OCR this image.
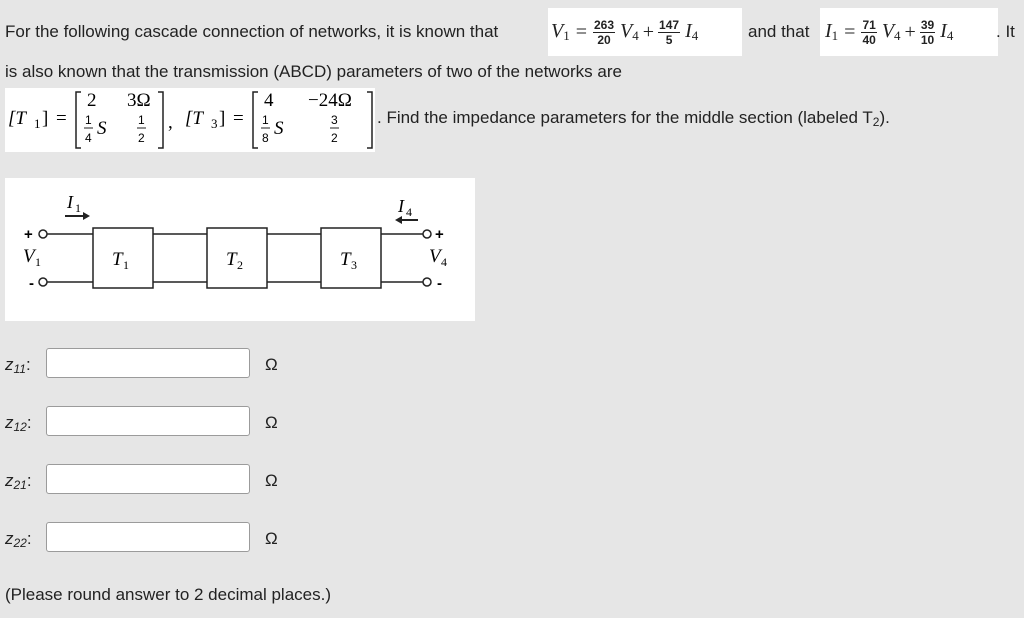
For the following cascade connection of networks, it is known that	$V_1 = \frac{263}{20} V_4 + \frac{147}{5} I_4$	and that $I_1 = \frac{71}{40} V_4 + \frac{39}{10} I_4$	. It
is also known that the transmission (ABCD) parameters of two of the networks are
[T 1 ] =
2 3Ω
1
4 S	1
2
, [T 3 ] =
4 −24Ω
1
8 S	3
2
. Find the impedance parameters for the middle section (labeled T2).
I 1	I 4
+
V 1
-
T 1	T 2	T 3
+
V 4
-
z11:	Ω
z12:	Ω
z21:	Ω
z22:	Ω
(Please round answer to 2 decimal places.)
